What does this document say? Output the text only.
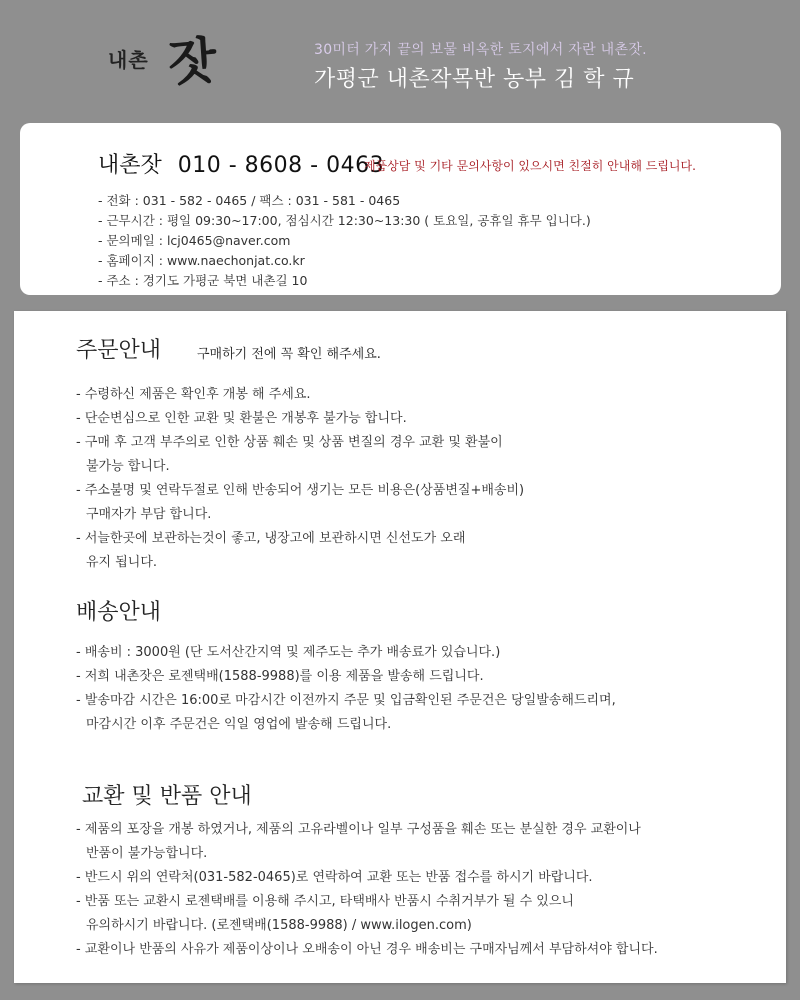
내촌 잣	30미터 가지 끝의 보물 비옥한 토지에서 자란 내촌잣.
가평군 내촌작목반 농부 김 학 규
내촌잣 010 - 8608 - 0463
제품상담 및 기타 문의사항이 있으시면 친절히 안내해 드립니다.
- 전화 : 031 - 582 - 0465 / 팩스 : 031 - 581 - 0465
- 근무시간 : 평일 09:30~17:00, 점심시간 12:30~13:30 ( 토요일, 공휴일 휴무 입니다.)
- 문의메일 : lcj0465@naver.com
- 홈페이지 : www.naechonjat.co.kr
- 주소 : 경기도 가평군 북면 내촌길 10
주문안내	구매하기 전에 꼭 확인 해주세요.
- 수령하신 제품은 확인후 개봉 해 주세요.
- 단순변심으로 인한 교환 및 환불은 개봉후 불가능 합니다.
- 구매 후 고객 부주의로 인한 상품 훼손 및 상품 변질의 경우 교환 및 환불이
불가능 합니다.
- 주소불명 및 연락두절로 인해 반송되어 생기는 모든 비용은(상품변질+배송비)
구매자가 부담 합니다.
- 서늘한곳에 보관하는것이 좋고, 냉장고에 보관하시면 신선도가 오래
유지 됩니다.
배송안내
- 배송비 : 3000원 (단 도서산간지역 및 제주도는 추가 배송료가 있습니다.)
- 저희 내촌잣은 로젠택배(1588-9988)를 이용 제품을 발송해 드립니다.
- 발송마감 시간은 16:00로 마감시간 이전까지 주문 및 입금확인된 주문건은 당일발송해드리며,
마감시간 이후 주문건은 익일 영업에 발송해 드립니다.
교환 및 반품 안내
- 제품의 포장을 개봉 하였거나, 제품의 고유라벨이나 일부 구성품을 훼손 또는 분실한 경우 교환이나
반품이 불가능합니다.
- 반드시 위의 연락처(031-582-0465)로 연락하여 교환 또는 반품 접수를 하시기 바랍니다.
- 반품 또는 교환시 로젠택배를 이용해 주시고, 타택배사 반품시 수취거부가 될 수 있으니
유의하시기 바랍니다. (로젠택배(1588-9988) / www.ilogen.com)
- 교환이나 반품의 사유가 제품이상이나 오배송이 아닌 경우 배송비는 구매자님께서 부담하셔야 합니다.
